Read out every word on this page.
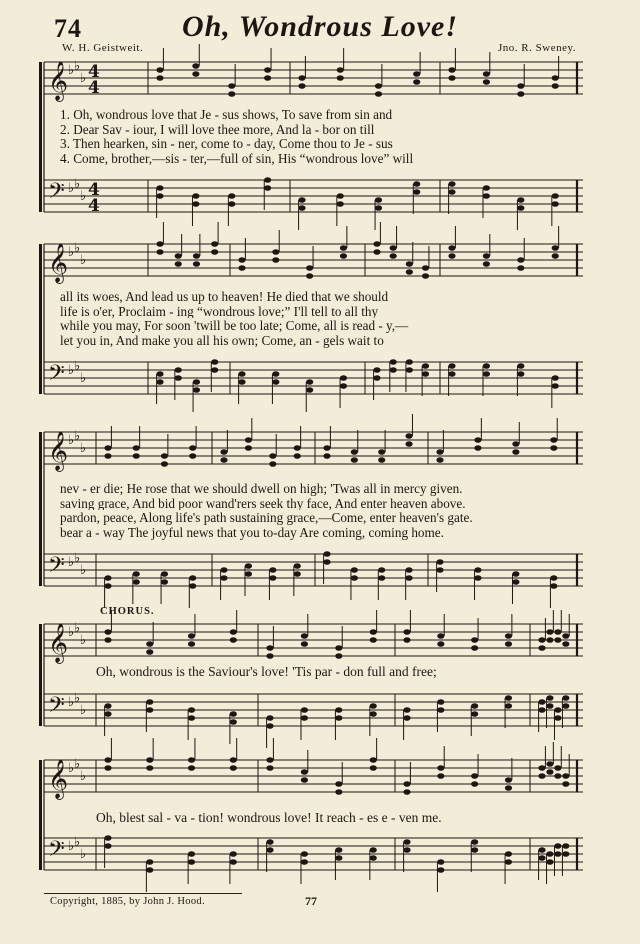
74	Oh, Wondrous Love!
W. H. Geistweit.	Jno. R. Sweney.
𝄞 ♭ ♭
♭
𝄢 ♭ ♭
♭
𝄞 ♭ ♭
♭
𝄢 ♭ ♭
♭
𝄞 ♭ ♭
♭
𝄢 ♭ ♭
♭
𝄞 ♭ ♭
♭
𝄢 ♭ ♭
♭
𝄞 ♭ ♭
♭
𝄢 ♭ ♭
♭
4
4
4
4
1. Oh, wondrous love that Je - sus shows, To save from sin and
2. Dear Sav - iour, I will love thee more, And la - bor on till
3. Then hearken, sin - ner, come to - day, Come thou to Je - sus
4. Come, brother,—sis - ter,—full of sin, His “wondrous love” will
all its woes, And lead us up to heaven! He died that we should
life is o'er, Proclaim - ing “wondrous love;” I'll tell to all thy
while you may, For soon 'twill be too late; Come, all is read - y,—
let you in, And make you all his own; Come, an - gels wait to
nev - er die; He rose that we should dwell on high; 'Twas all in mercy given.
saving grace, And bid poor wand'rers seek thy face, And enter heaven above.
pardon, peace, Along life's path sustaining grace,—Come, enter heaven's gate.
bear a - way The joyful news that you to-day Are coming, coming home.
CHORUS.
Oh, wondrous is the Saviour's love! 'Tis par - don full and free;
Oh, blest sal - va - tion! wondrous love! It reach - es e - ven me.
Copyright, 1885, by John J. Hood.	77
